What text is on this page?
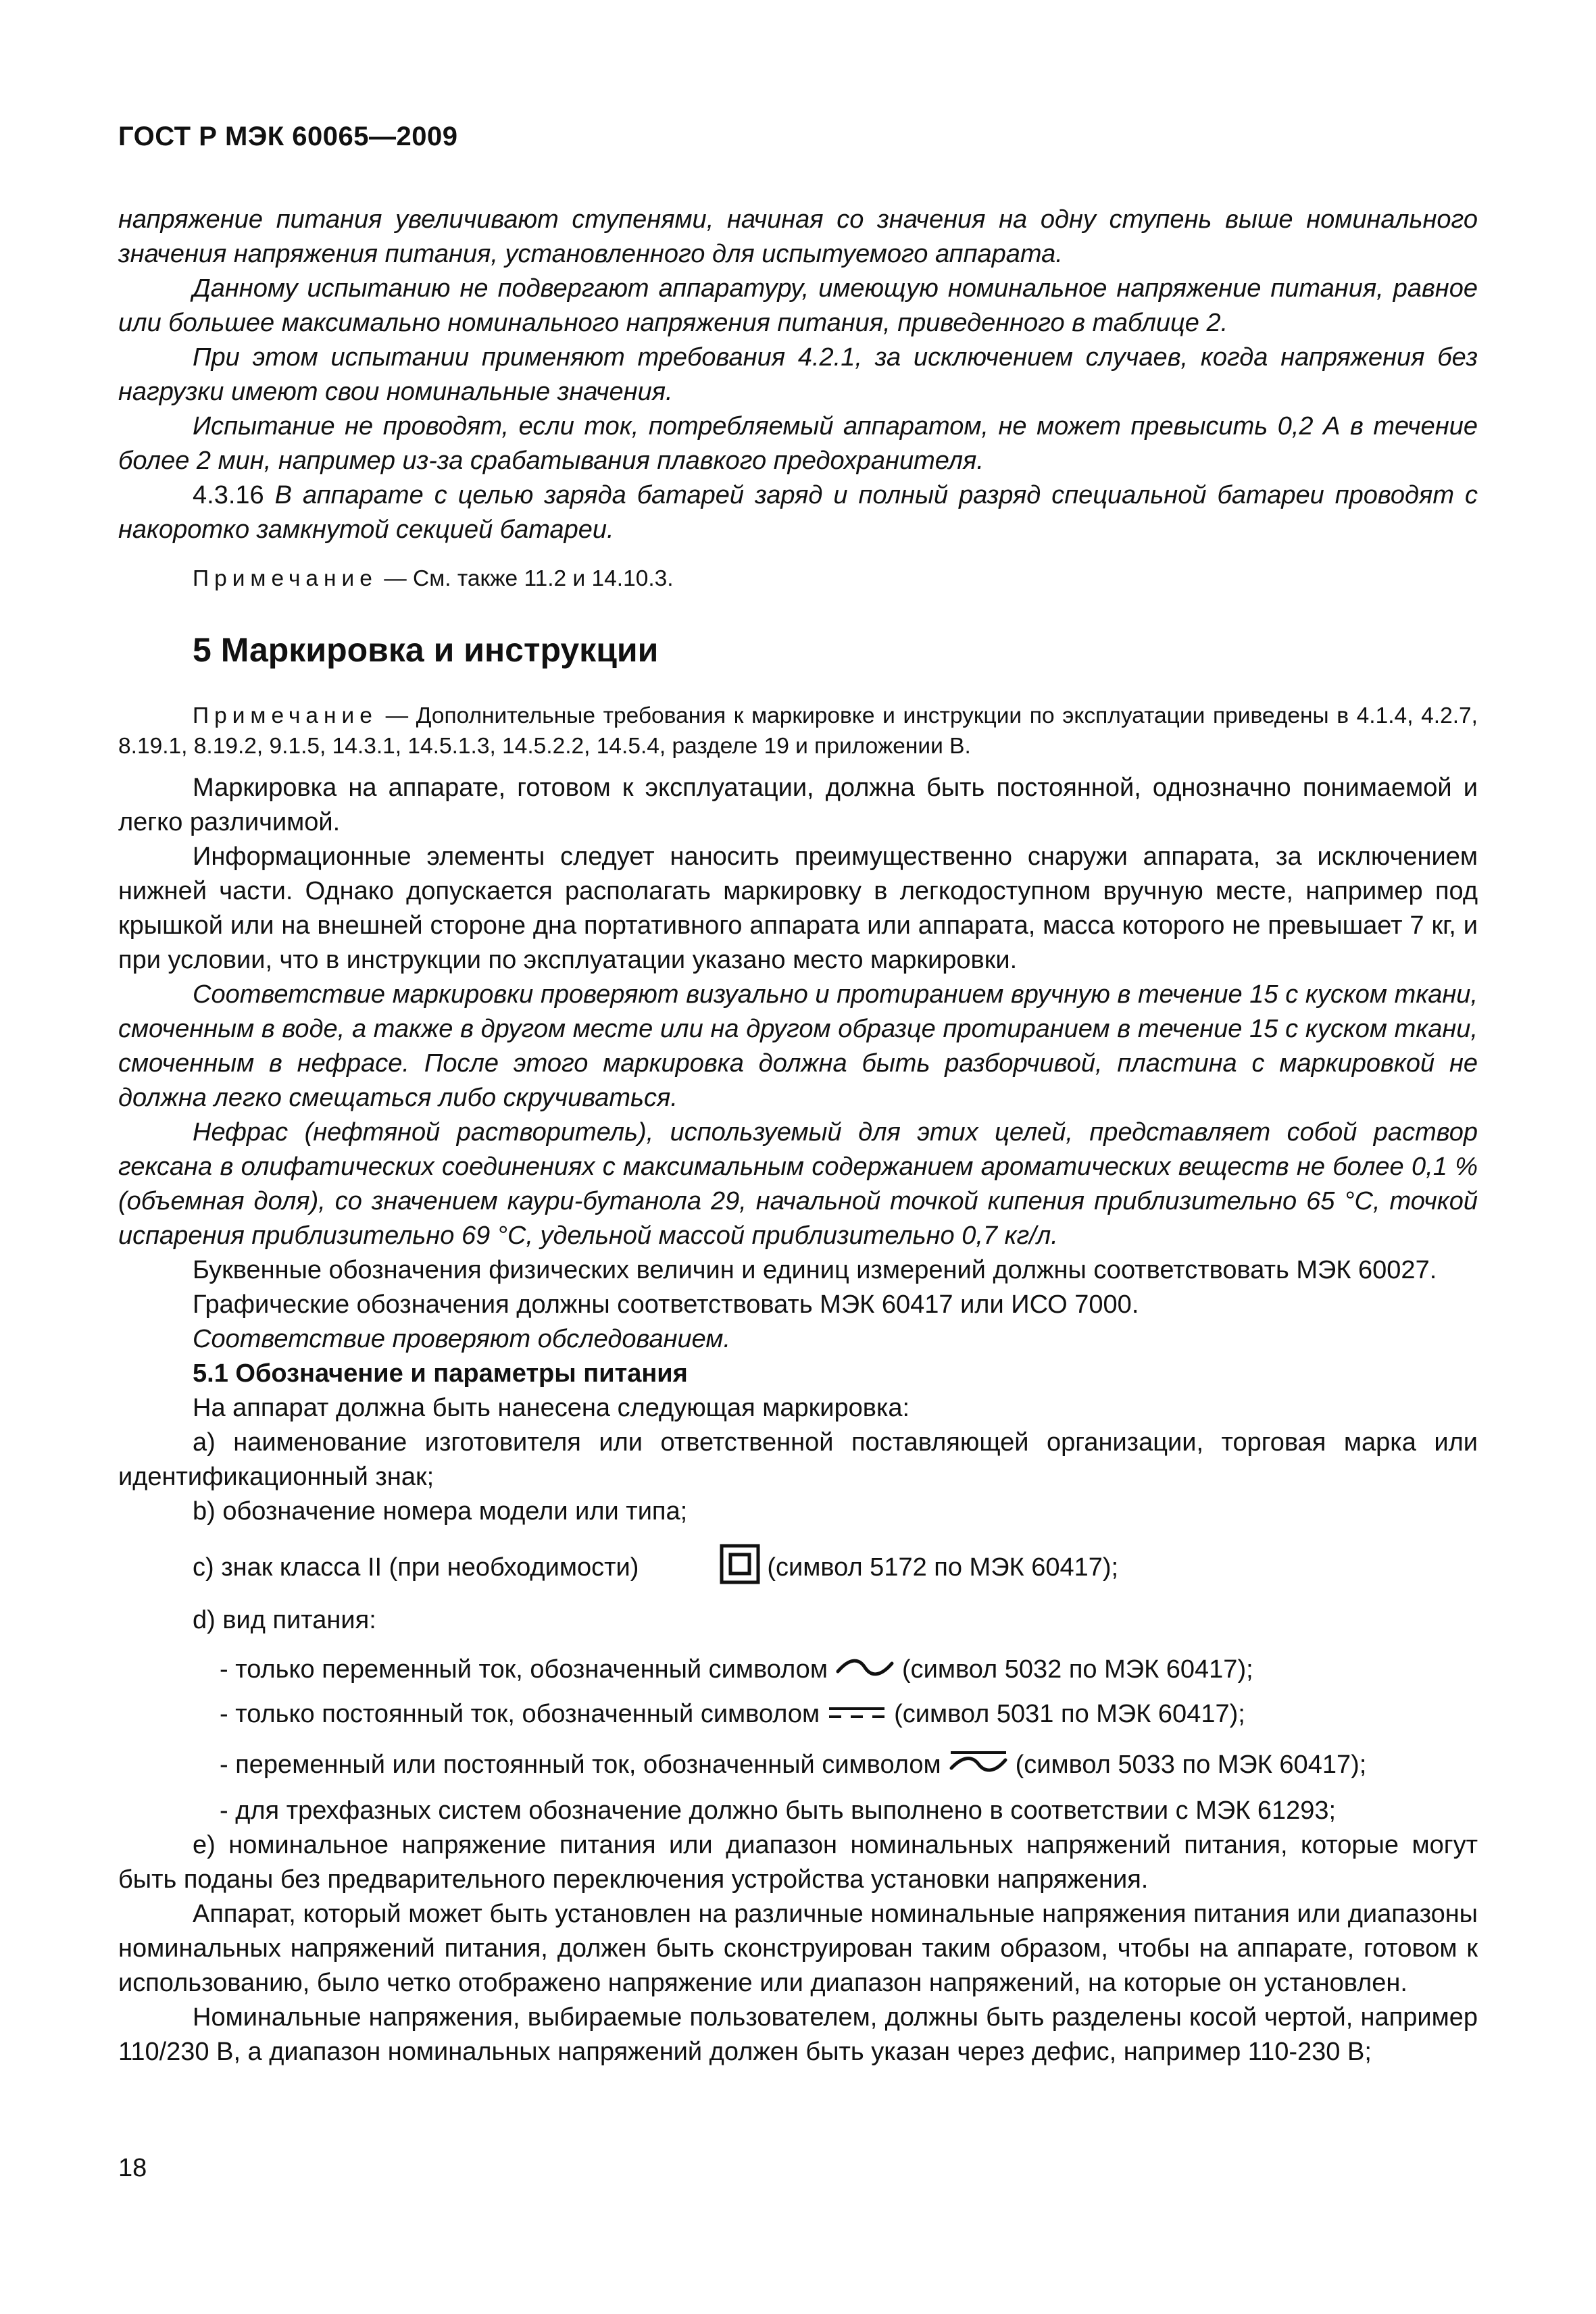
ГОСТ Р МЭК 60065—2009

напряжение питания увеличивают ступенями, начиная со значения на одну ступень выше номинального значения напряжения питания, установленного для испытуемого аппарата.

Данному испытанию не подвергают аппаратуру, имеющую номинальное напряжение питания, равное или большее максимально номинального напряжения питания, приведенного в таблице 2.

При этом испытании применяют требования 4.2.1, за исключением случаев, когда напряжения без нагрузки имеют свои номинальные значения.

Испытание не проводят, если ток, потребляемый аппаратом, не может превысить 0,2 А в течение более 2 мин, например из-за срабатывания плавкого предохранителя.

4.3.16 В аппарате с целью заряда батарей заряд и полный разряд специальной батареи проводят с накоротко замкнутой секцией батареи.

Примечание — См. также 11.2 и 14.10.3.

5 Маркировка и инструкции

Примечание — Дополнительные требования к маркировке и инструкции по эксплуатации приведены в 4.1.4, 4.2.7, 8.19.1, 8.19.2, 9.1.5, 14.3.1, 14.5.1.3, 14.5.2.2, 14.5.4, разделе 19 и приложении В.

Маркировка на аппарате, готовом к эксплуатации, должна быть постоянной, однозначно понимаемой и легко различимой.

Информационные элементы следует наносить преимущественно снаружи аппарата, за исключением нижней части. Однако допускается располагать маркировку в легкодоступном вручную месте, например под крышкой или на внешней стороне дна портативного аппарата или аппарата, масса которого не превышает 7 кг, и при условии, что в инструкции по эксплуатации указано место маркировки.

Соответствие маркировки проверяют визуально и протиранием вручную в течение 15 с куском ткани, смоченным в воде, а также в другом месте или на другом образце протиранием в течение 15 с куском ткани, смоченным в нефрасе. После этого маркировка должна быть разборчивой, пластина с маркировкой не должна легко смещаться либо скручиваться.

Нефрас (нефтяной растворитель), используемый для этих целей, представляет собой раствор гексана в олифатических соединениях с максимальным содержанием ароматических веществ не более 0,1 % (объемная доля), со значением каури-бутанола 29, начальной точкой кипения приблизительно 65 °С, точкой испарения приблизительно 69 °С, удельной массой приблизительно 0,7 кг/л.

Буквенные обозначения физических величин и единиц измерений должны соответствовать МЭК 60027.

Графические обозначения должны соответствовать МЭК 60417 или ИСО 7000.

Соответствие проверяют обследованием.

5.1 Обозначение и параметры питания

На аппарат должна быть нанесена следующая маркировка:

a) наименование изготовителя или ответственной поставляющей организации, торговая марка или идентификационный знак;

b) обозначение номера модели или типа;

c) знак класса II (при необходимости)	(символ 5172 по МЭК 60417);

d) вид питания:

- только переменный ток, обозначенный символом	(символ 5032 по МЭК 60417);

- только постоянный ток, обозначенный символом	(символ 5031 по МЭК 60417);

- переменный или постоянный ток, обозначенный символом	(символ 5033 по МЭК 60417);

- для трехфазных систем обозначение должно быть выполнено в соответствии с МЭК 61293;

e) номинальное напряжение питания или диапазон номинальных напряжений питания, которые могут быть поданы без предварительного переключения устройства установки напряжения.

Аппарат, который может быть установлен на различные номинальные напряжения питания или диапазоны номинальных напряжений питания, должен быть сконструирован таким образом, чтобы на аппарате, готовом к использованию, было четко отображено напряжение или диапазон напряжений, на которые он установлен.

Номинальные напряжения, выбираемые пользователем, должны быть разделены косой чертой, например 110/230 В, а диапазон номинальных напряжений должен быть указан через дефис, например 110-230 В;

18
